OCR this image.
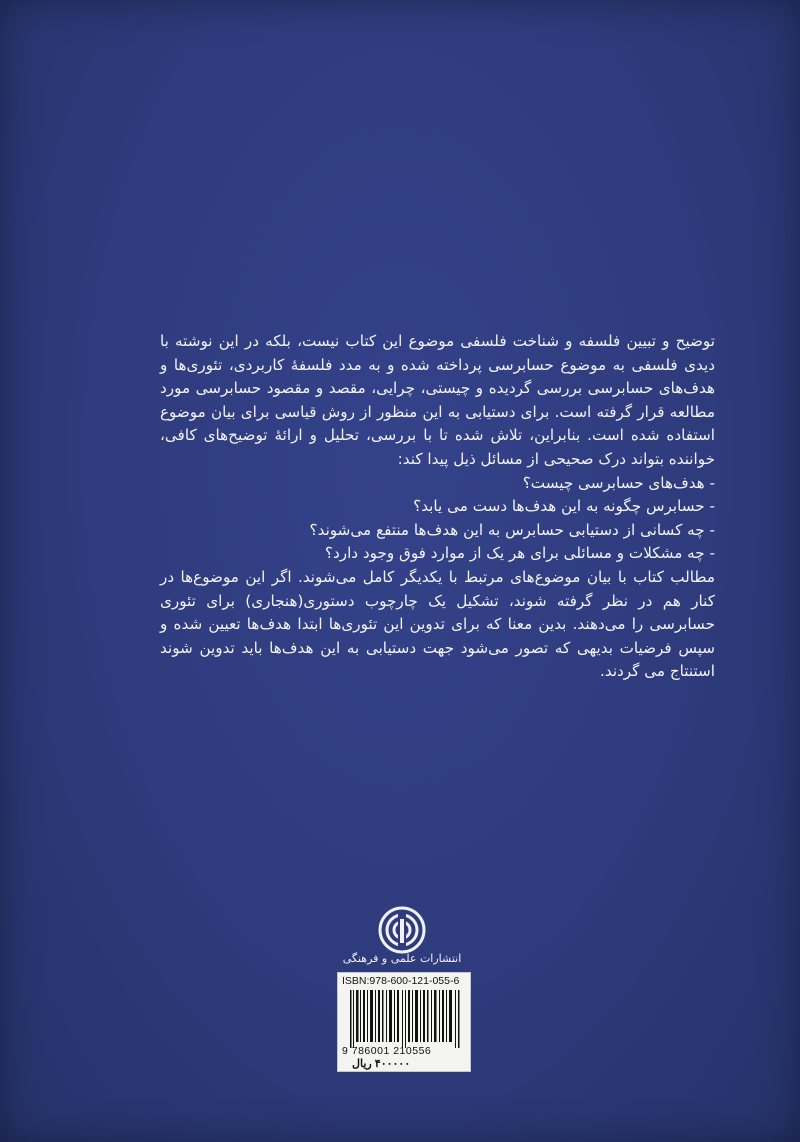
توضیح و تبیین فلسفه و شناخت فلسفی موضوع این کتاب نیست، بلکه در این نوشته با دیدی فلسفی به موضوع حسابرسی پرداخته شده و به مدد فلسفهٔ کاربردی، تئوری‌ها و هدف‌های حسابرسی بررسی گردیده و چیستی، چرایی، مقصد و مقصود حسابرسی مورد مطالعه قرار گرفته است. برای دستیابی به این منظور از روش قیاسی برای بیان موضوع استفاده شده است. بنابراین، تلاش شده تا با بررسی، تحلیل و ارائهٔ توضیح‌های کافی، خواننده بتواند درک صحیحی از مسائل ذیل پیدا کند:

- هدف‌های حسابرسی چیست؟
- حسابرس چگونه به این هدف‌ها دست می یابد؟
- چه کسانی از دستیابی حسابرس به این هدف‌ها منتفع می‌شوند؟
- چه مشکلات و مسائلی برای هر یک از موارد فوق وجود دارد؟

مطالب کتاب با بیان موضوع‌های مرتبط با یکدیگر کامل می‌شوند. اگر این موضوع‌ها در کنار هم در نظر گرفته شوند، تشکیل یک چارچوب دستوری(هنجاری) برای تئوری حسابرسی را می‌دهند. بدین معنا که برای تدوین این تئوری‌ها ابتدا هدف‌ها تعیین شده و سپس فرضیات بدیهی که تصور می‌شود جهت دستیابی به این هدف‌ها باید تدوین شوند استنتاج می گردند.

انتشارات علمی و فرهنگی
ISBN:978-600-121-055-6
9 786001 210556
۴۰۰۰۰۰ ریال
